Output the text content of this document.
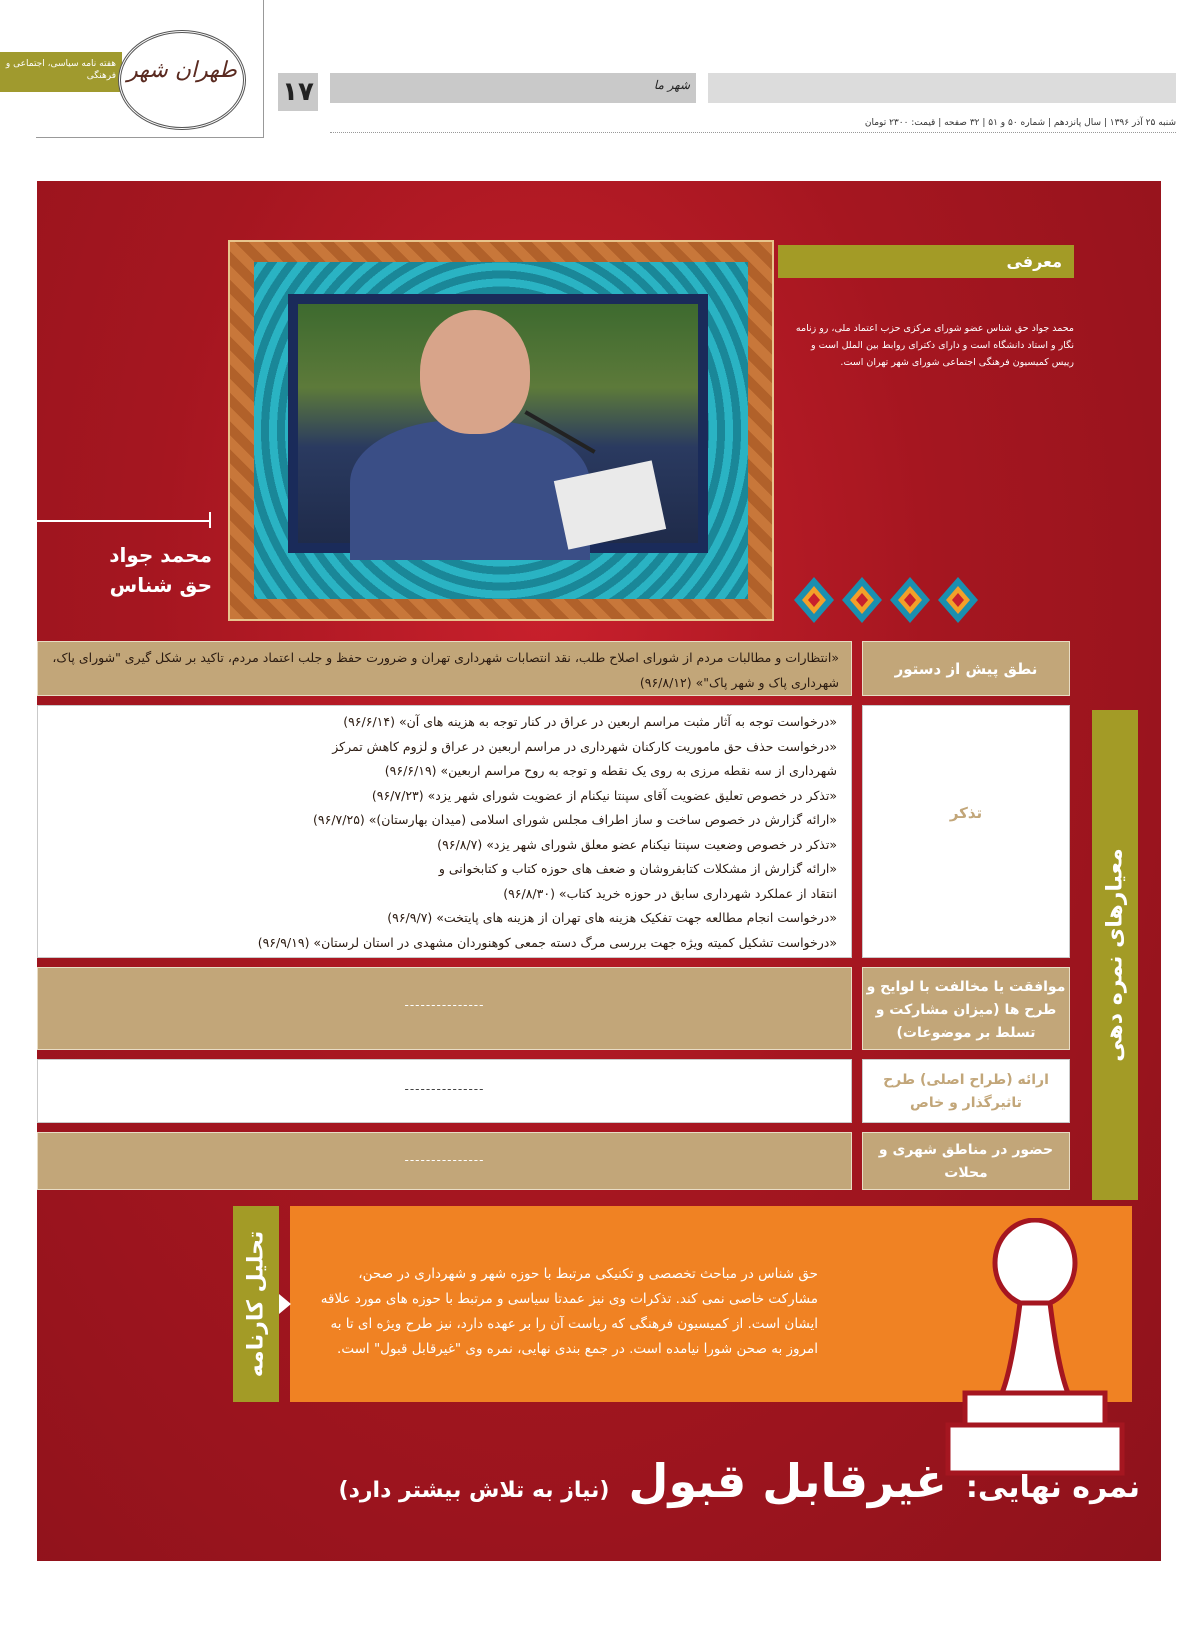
هفته نامه سیاسی، اجتماعی و فرهنگی طهران شهر
۱۷	شهر ما
شنبه ۲۵ آذر ۱۳۹۶ | سال پانزدهم | شماره ۵۰ و ۵۱ | ۳۲ صفحه | قیمت: ۲۳۰۰ تومان
معرفی
محمد جواد حق شناس عضو شورای مرکزی حزب اعتماد ملی، رو زنامه نگار و استاد دانشگاه است و دارای دکترای روابط بین الملل است و رییس کمیسیون فرهنگی اجتماعی شورای شهر تهران است.
محمد جواد
حق شناس
معیارهای نمره دهی
«انتظارات و مطالبات مردم از شورای اصلاح طلب، نقد انتصابات شهرداری تهران و ضرورت حفظ و جلب اعتماد مردم، تاکید بر شکل گیری "شورای پاک، شهرداری پاک و شهر پاک"» (۹۶/۸/۱۲)
نطق پیش از دستور
«درخواست توجه به آثار مثبت مراسم اربعین در عراق در کنار توجه به هزینه های آن» (۹۶/۶/۱۴)
«درخواست حذف حق ماموریت کارکنان شهرداری در مراسم اربعین در عراق و لزوم کاهش تمرکز
شهرداری از سه نقطه مرزی به روی یک نقطه و توجه به روح مراسم اربعین» (۹۶/۶/۱۹)
«تذکر در خصوص تعلیق عضویت آقای سپنتا نیکنام از عضویت شورای شهر یزد» (۹۶/۷/۲۳)
«ارائه گزارش در خصوص ساخت و ساز اطراف مجلس شورای اسلامی (میدان بهارستان)» (۹۶/۷/۲۵)
«تذکر در خصوص وضعیت سپنتا نیکنام عضو معلق شورای شهر یزد» (۹۶/۸/۷)
«ارائه گزارش از مشکلات کتابفروشان و ضعف های حوزه کتاب و کتابخوانی و
انتقاد از عملکرد شهرداری سابق در حوزه خرید کتاب» (۹۶/۸/۳۰)
«درخواست انجام مطالعه جهت تفکیک هزینه های تهران از هزینه های پایتخت» (۹۶/۹/۷)
«درخواست تشکیل کمیته ویژه جهت بررسی مرگ دسته جمعی کوهنوردان مشهدی در استان لرستان» (۹۶/۹/۱۹)
تذکر
---------------
موافقت یا مخالفت با لوایح و طرح ها (میزان مشارکت و تسلط بر موضوعات)
---------------
ارائه (طراح اصلی) طرح تاثیرگذار و خاص
---------------
حضور در مناطق شهری و محلات
تحلیل کارنامه	حق شناس در مباحث تخصصی و تکنیکی مرتبط با حوزه شهر و شهرداری در صحن، مشارکت خاصی نمی کند. تذکرات وی نیز عمدتا سیاسی و مرتبط با حوزه های مورد علاقه ایشان است. از کمیسیون فرهنگی که ریاست آن را بر عهده دارد، نیز طرح ویژه ای تا به امروز به صحن شورا نیامده است. در جمع بندی نهایی، نمره وی "غیرقابل قبول" است.
نمره نهایی: غیرقابل قبول (نیاز به تلاش بیشتر دارد)
